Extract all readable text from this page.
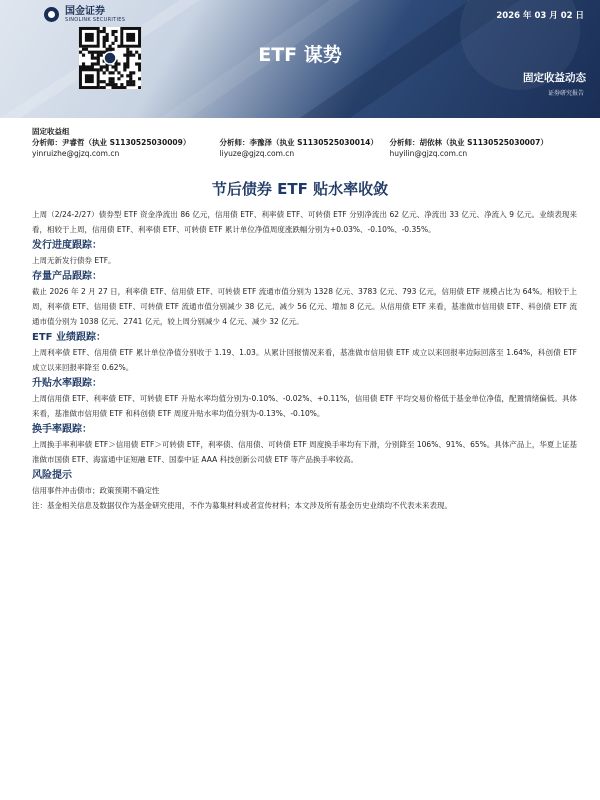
国金证券
SINOLINK SECURITIES	2026 年 03 月 02 日
ETF 谋势
固定收益动态
证券研究报告
固定收益组
分析师：尹睿哲（执业 S1130525030009）	分析师：李豫泽（执业 S1130525030014）	分析师：胡依林（执业 S1130525030007）
yinruizhe@gjzq.com.cn	liyuze@gjzq.com.cn	huyilin@gjzq.com.cn
节后债券 ETF 贴水率收敛

上周（2/24-2/27）债券型 ETF 资金净流出 86 亿元，信用债 ETF、利率债 ETF、可转债 ETF 分别净流出 62 亿元、净流出 33 亿元、净流入 9 亿元。业绩表现来看，相较于上周，信用债 ETF、利率债 ETF、可转债 ETF 累计单位净值周度涨跌幅分别为+0.03%、-0.10%、-0.35%。

发行进度跟踪：

上周无新发行债券 ETF。

存量产品跟踪：

截止 2026 年 2 月 27 日，利率债 ETF、信用债 ETF、可转债 ETF 流通市值分别为 1328 亿元、3783 亿元、793 亿元，信用债 ETF 规模占比为 64%。相较于上周，利率债 ETF、信用债 ETF、可转债 ETF 流通市值分别减少 38 亿元、减少 56 亿元、增加 8 亿元。从信用债 ETF 来看，基准做市信用债 ETF、科创债 ETF 流通市值分别为 1038 亿元、2741 亿元，较上周分别减少 4 亿元、减少 32 亿元。

ETF 业绩跟踪：

上周利率债 ETF、信用债 ETF 累计单位净值分别收于 1.19、1.03。从累计回报情况来看，基准做市信用债 ETF 成立以来回报率边际回落至 1.64%，科创债 ETF 成立以来回报率降至 0.62%。

升贴水率跟踪：

上周信用债 ETF、利率债 ETF、可转债 ETF 升贴水率均值分别为-0.10%、-0.02%、+0.11%，信用债 ETF 平均交易价格低于基金单位净值，配置情绪偏低。具体来看，基准做市信用债 ETF 和科创债 ETF 周度升贴水率均值分别为-0.13%、-0.10%。

换手率跟踪：

上周换手率利率债 ETF＞信用债 ETF＞可转债 ETF，利率债、信用债、可转债 ETF 周度换手率均有下滑，分别降至 106%、91%、65%。具体产品上，华夏上证基准做市国债 ETF、海富通中证短融 ETF、国泰中证 AAA 科技创新公司债 ETF 等产品换手率较高。

风险提示

信用事件冲击债市；政策预期不确定性

注：基金相关信息及数据仅作为基金研究使用，不作为募集材料或者宣传材料；本文涉及所有基金历史业绩均不代表未来表现。
